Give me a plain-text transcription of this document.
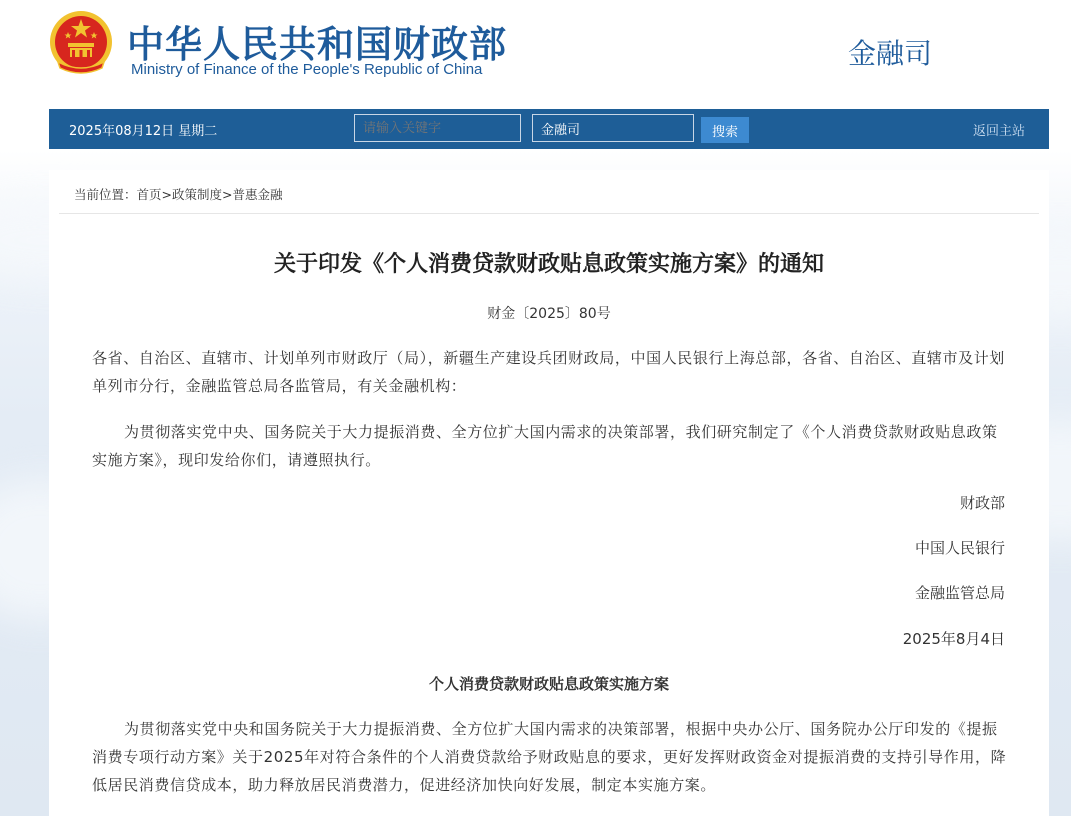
中华人民共和国财政部
Ministry of Finance of the People's Republic of China	金融司
2025年08月12日 星期二
请输入关键字
金融司	搜索	返回主站
当前位置：首页>政策制度>普惠金融
关于印发《个人消费贷款财政贴息政策实施方案》的通知
财金〔2025〕80号
各省、自治区、直辖市、计划单列市财政厅（局），新疆生产建设兵团财政局，中国人民银行上海总部，各省、自治区、直辖市及计划单列市分行，金融监管总局各监管局，有关金融机构：
为贯彻落实党中央、国务院关于大力提振消费、全方位扩大国内需求的决策部署，我们研究制定了《个人消费贷款财政贴息政策实施方案》，现印发给你们，请遵照执行。
财政部
中国人民银行
金融监管总局
2025年8月4日
个人消费贷款财政贴息政策实施方案
为贯彻落实党中央和国务院关于大力提振消费、全方位扩大国内需求的决策部署，根据中央办公厅、国务院办公厅印发的《提振消费专项行动方案》关于2025年对符合条件的个人消费贷款给予财政贴息的要求，更好发挥财政资金对提振消费的支持引导作用，降低居民消费信贷成本，助力释放居民消费潜力，促进经济加快向好发展，制定本实施方案。
